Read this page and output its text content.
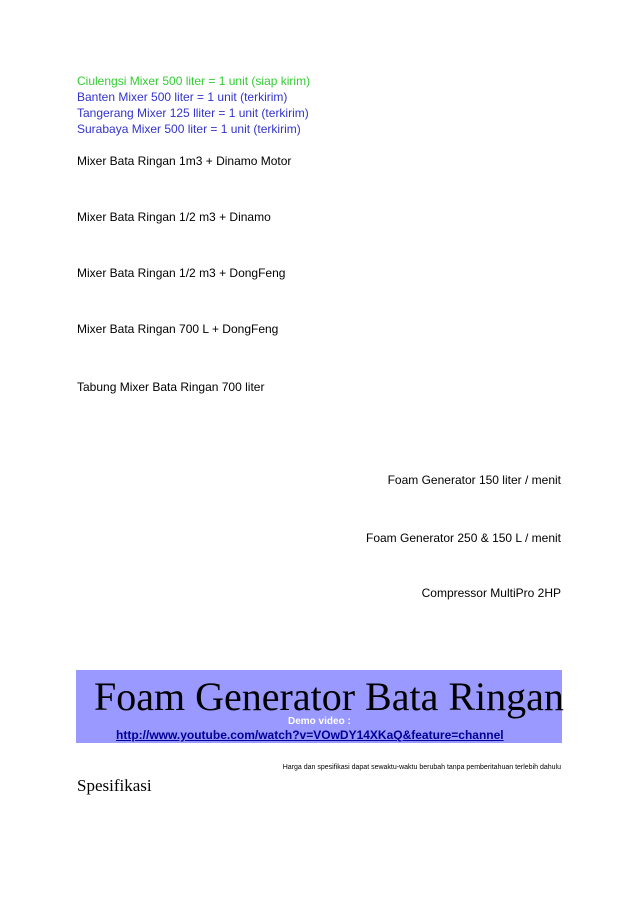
Ciulengsi Mixer 500 liter = 1 unit (siap kirim)
Banten Mixer 500 liter = 1 unit (terkirim)
Tangerang Mixer 125 lliter = 1 unit (terkirim)
Surabaya Mixer 500 liter = 1 unit (terkirim)
Mixer Bata Ringan 1m3 + Dinamo Motor
Mixer Bata Ringan 1/2 m3 + Dinamo
Mixer Bata Ringan 1/2 m3 + DongFeng
Mixer Bata Ringan 700 L + DongFeng
Tabung Mixer Bata Ringan 700 liter
Foam Generator 150 liter / menit
Foam Generator 250 & 150 L / menit
Compressor MultiPro 2HP
Foam Generator Bata Ringan
Demo video :
http://www.youtube.com/watch?v=VOwDY14XKaQ&feature=channel
Harga dan spesifikasi dapat sewaktu-waktu berubah tanpa pemberitahuan terlebih dahulu
Spesifikasi
